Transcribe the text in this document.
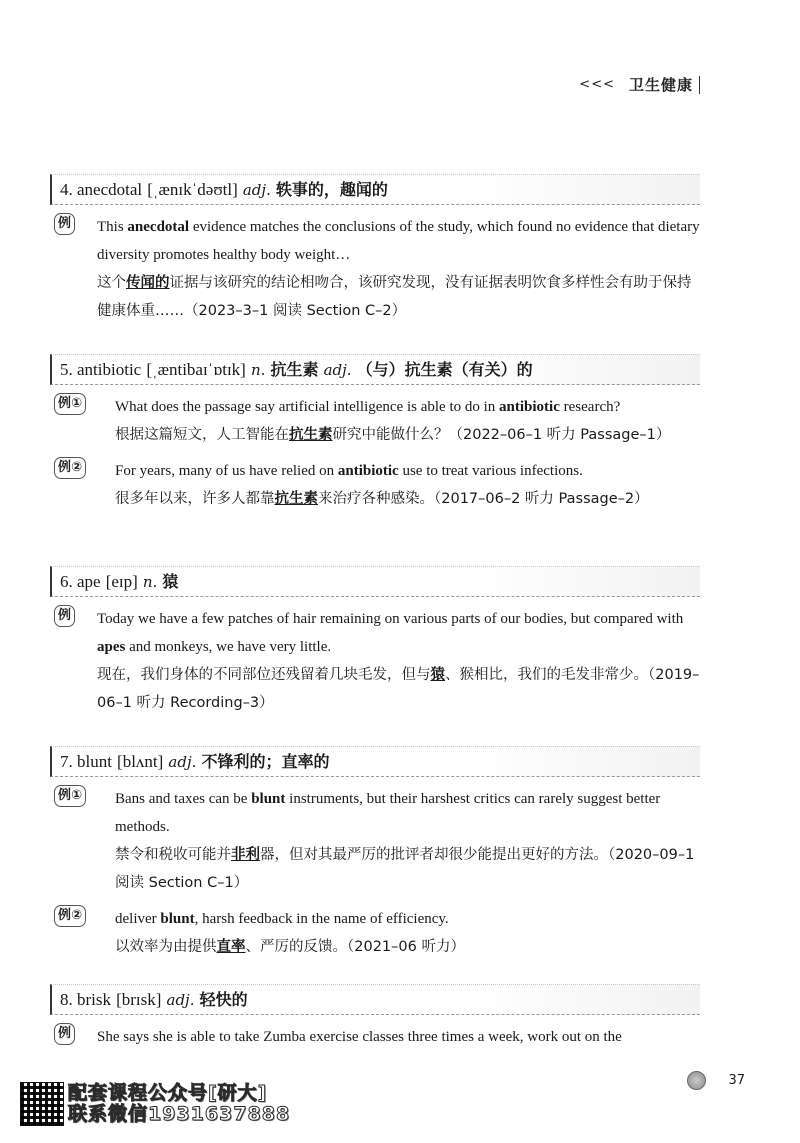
<<< 卫生健康
4. anecdotal [ˌænɪkˈdəʊtl] adj. 轶事的，趣闻的
例 This anecdotal evidence matches the conclusions of the study, which found no evidence that dietary diversity promotes healthy body weight…
这个传闻的证据与该研究的结论相吻合，该研究发现，没有证据表明饮食多样性会有助于保持健康体重……（2023–3–1 阅读 Section C–2）
5. antibiotic [ˌæntibaɪˈɒtɪk] n. 抗生素 adj. （与）抗生素（有关）的
例① What does the passage say artificial intelligence is able to do in antibiotic research?
根据这篇短文，人工智能在抗生素研究中能做什么？（2022–06–1 听力 Passage–1）
例② For years, many of us have relied on antibiotic use to treat various infections.
很多年以来，许多人都靠抗生素来治疗各种感染。（2017–06–2 听力 Passage–2）
6. ape [eɪp] n. 猿
例 Today we have a few patches of hair remaining on various parts of our bodies, but compared with apes and monkeys, we have very little.
现在，我们身体的不同部位还残留着几块毛发，但与猿、猴相比，我们的毛发非常少。（2019–06–1 听力 Recording–3）
7. blunt [blʌnt] adj. 不锋利的；直率的
例① Bans and taxes can be blunt instruments, but their harshest critics can rarely suggest better methods.
禁令和税收可能并非利器，但对其最严厉的批评者却很少能提出更好的方法。（2020–09–1 阅读 Section C–1）
例② deliver blunt, harsh feedback in the name of efficiency.
以效率为由提供直率、严厉的反馈。（2021–06 听力）
8. brisk [brɪsk] adj. 轻快的
例 She says she is able to take Zumba exercise classes three times a week, work out on the
37
配套课程公众号[研大]
联系微信1931637888
